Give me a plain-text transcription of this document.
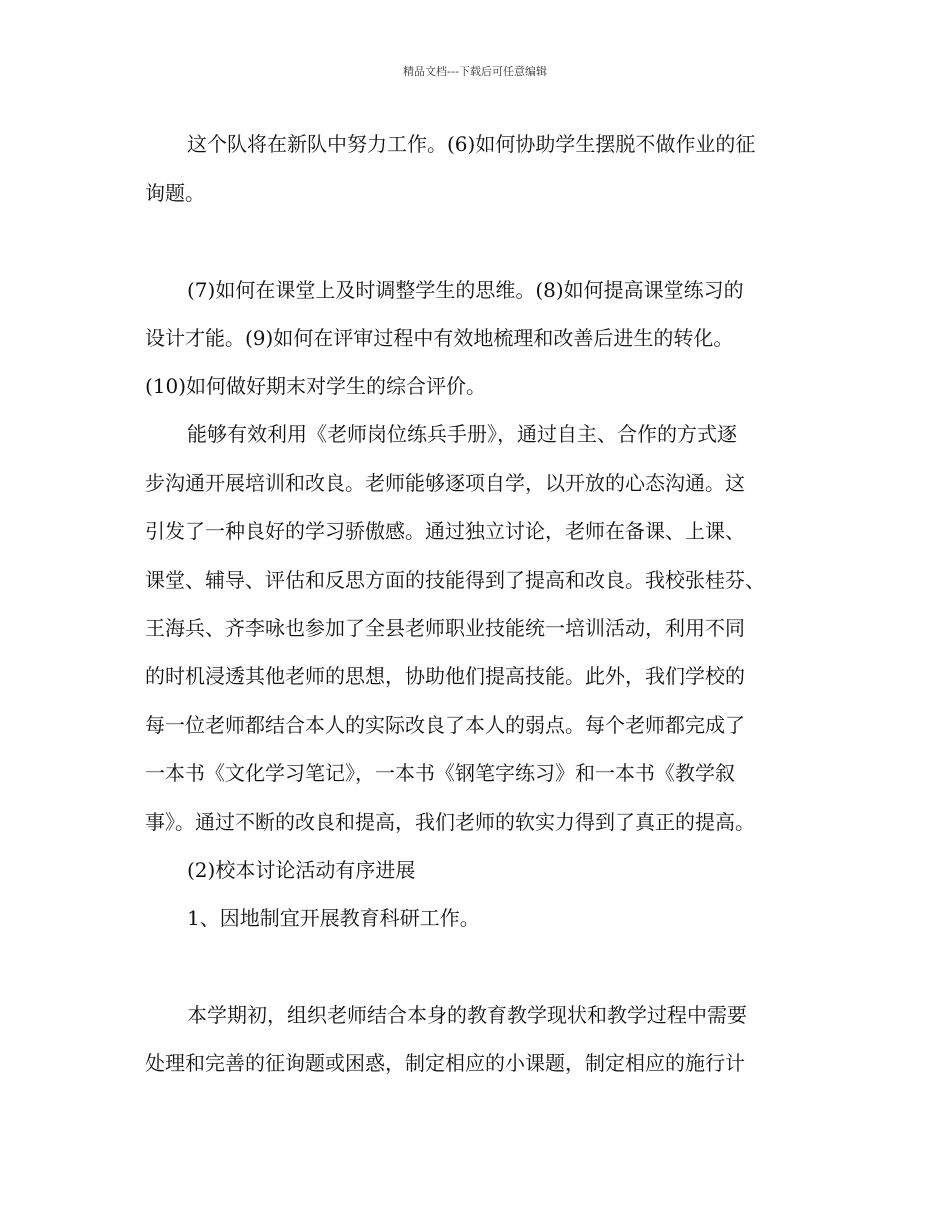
精品文档---下载后可任意编辑
这个队将在新队中努力工作。(6)如何协助学生摆脱不做作业的征
询题。
(7)如何在课堂上及时调整学生的思维。(8)如何提高课堂练习的
设计才能。(9)如何在评审过程中有效地梳理和改善后进生的转化。
(10)如何做好期末对学生的综合评价。
能够有效利用《老师岗位练兵手册》，通过自主、合作的方式逐
步沟通开展培训和改良。老师能够逐项自学，以开放的心态沟通。这
引发了一种良好的学习骄傲感。通过独立讨论，老师在备课、上课、
课堂、辅导、评估和反思方面的技能得到了提高和改良。我校张桂芬、
王海兵、齐李咏也参加了全县老师职业技能统一培训活动，利用不同
的时机浸透其他老师的思想，协助他们提高技能。此外，我们学校的
每一位老师都结合本人的实际改良了本人的弱点。每个老师都完成了
一本书《文化学习笔记》，一本书《钢笔字练习》和一本书《教学叙
事》。通过不断的改良和提高，我们老师的软实力得到了真正的提高。
(2)校本讨论活动有序进展
1、因地制宜开展教育科研工作。
本学期初，组织老师结合本身的教育教学现状和教学过程中需要
处理和完善的征询题或困惑，制定相应的小课题，制定相应的施行计
